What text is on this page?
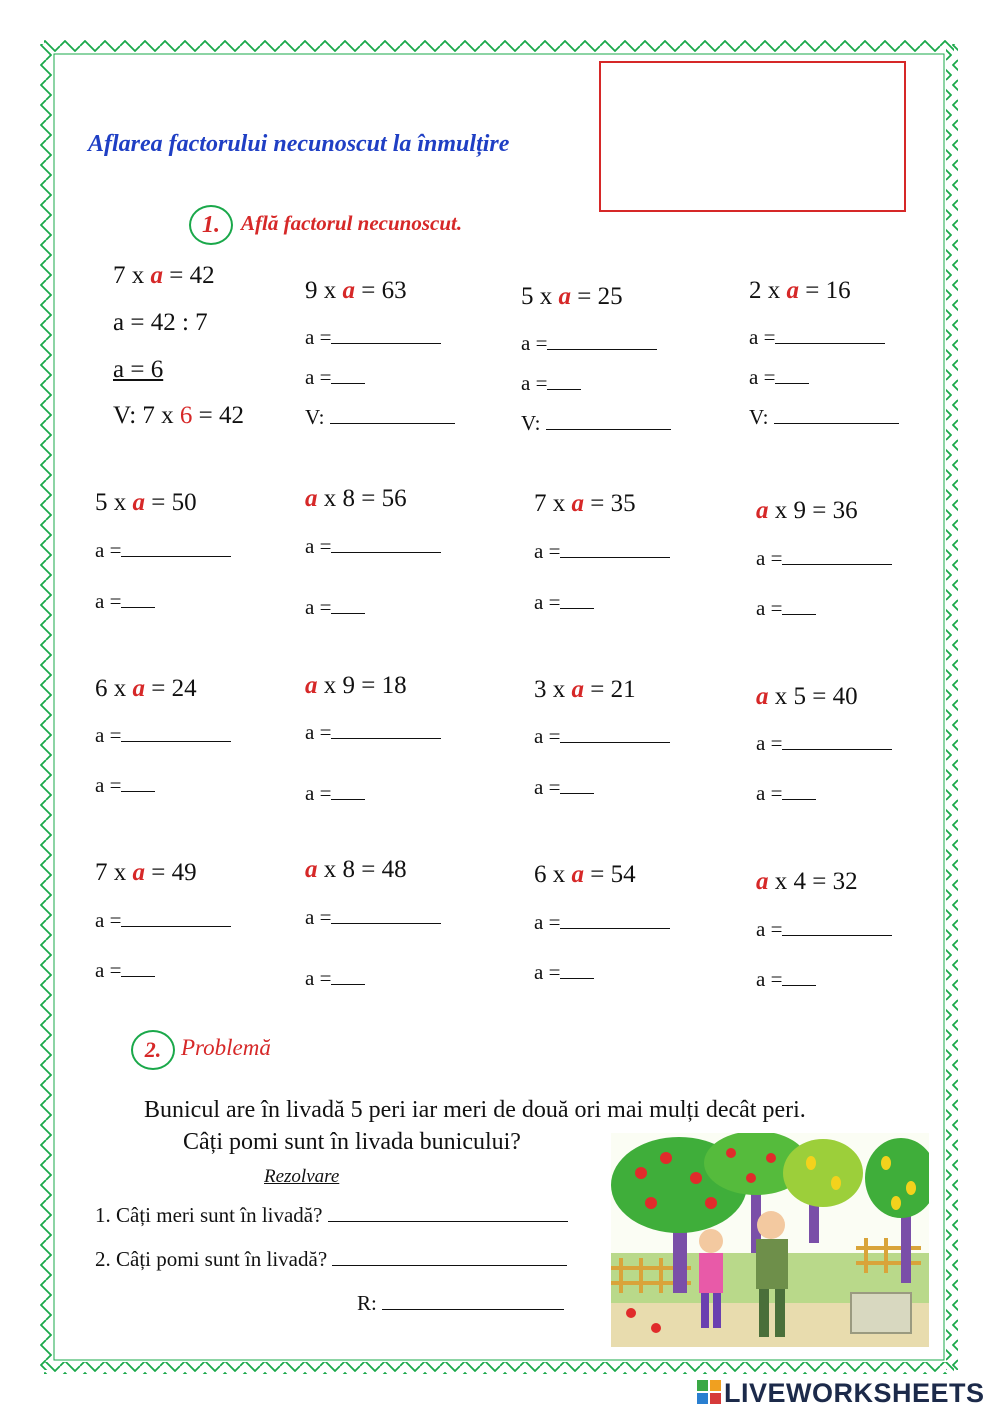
Aflarea factorului necunoscut la înmulțire
1.	Află factorul necunoscut.
7 x a = 42
a = 42 : 7
a = 6
V: 7 x 6 = 42
9 x a = 63
a =
a =
V:
5 x a = 25
a =
a =
V:
2 x a = 16
a =
a =
V:
5 x a = 50
a =
a =
a x 8 = 56
a =
a =
7 x a = 35
a =
a =
a x 9 = 36
a =
a =
6 x a = 24
a =
a =
a x 9 = 18
a =
a =
3 x a = 21
a =
a =
a x 5 = 40
a =
a =
7 x a = 49
a =
a =
a x 8 = 48
a =
a =
6 x a = 54
a =
a =
a x 4 = 32
a =
a =
2. Problemă
Bunicul are în livadă 5 peri iar meri de două ori mai mulți decât peri.
Câți pomi sunt în livada bunicului?
Rezolvare
1. Câți meri sunt în livadă?
2. Câți pomi sunt în livadă?
R:
LIVEWORKSHEETS
